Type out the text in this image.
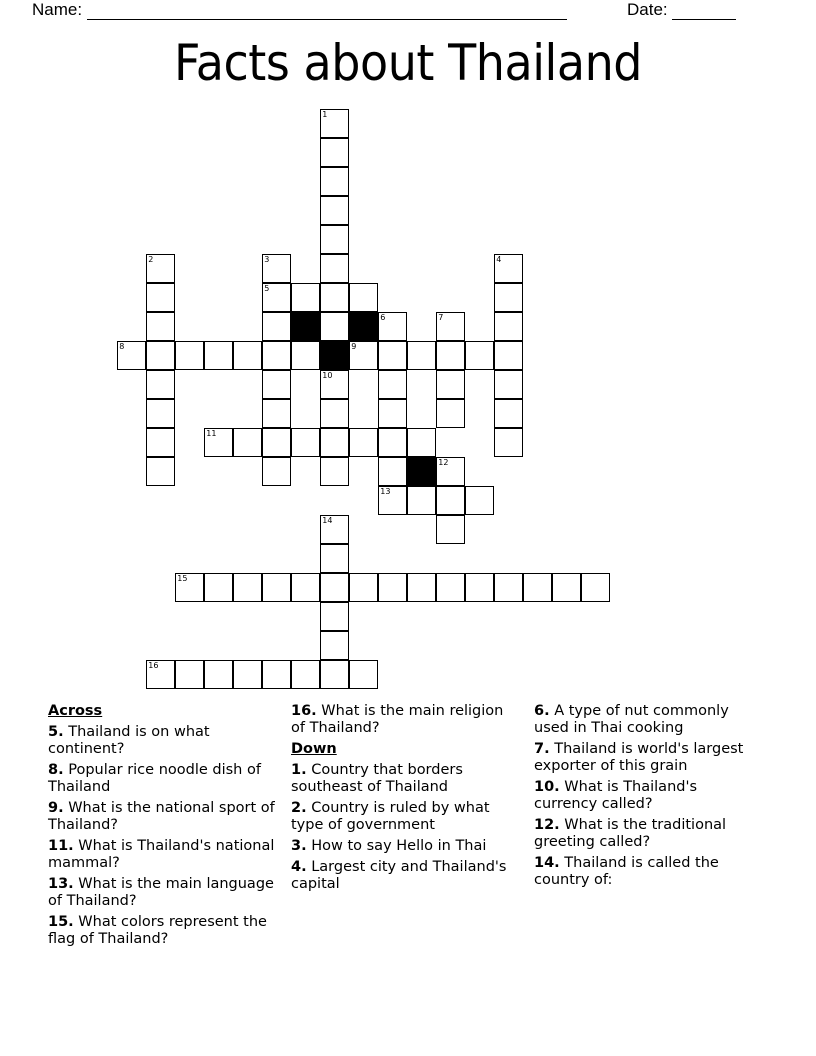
Name:	Date:
Facts about Thailand
1
2	3
5
4
6
13
7
8	9
10
11
12
14
15
16
Across
5. Thailand is on what continent?
8. Popular rice noodle dish of Thailand
9. What is the national sport of Thailand?
11. What is Thailand's national mammal?
13. What is the main language of Thailand?
15. What colors represent the flag of Thailand?
16. What is the main religion of Thailand?
Down
1. Country that borders southeast of Thailand
2. Country is ruled by what type of government
3. How to say Hello in Thai
4. Largest city and Thailand's capital
6. A type of nut commonly used in Thai cooking
7. Thailand is world's largest exporter of this grain
10. What is Thailand's currency called?
12. What is the traditional greeting called?
14. Thailand is called the country of:
